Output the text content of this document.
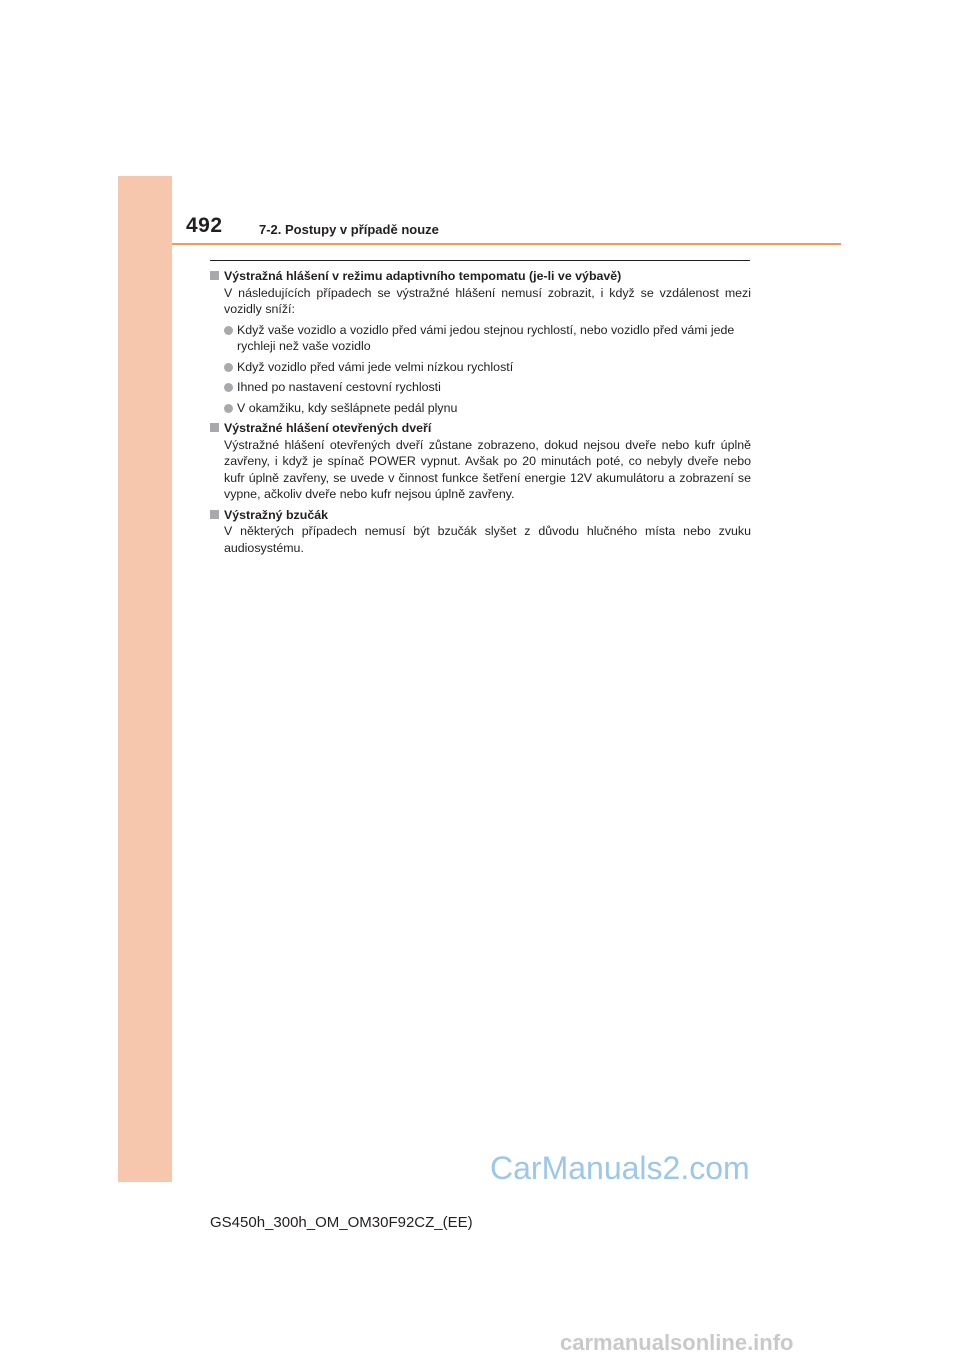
492	7-2. Postupy v případě nouze
Výstražná hlášení v režimu adaptivního tempomatu (je-li ve výbavě)
V následujících případech se výstražné hlášení nemusí zobrazit, i když se vzdálenost mezi vozidly sníží:
Když vaše vozidlo a vozidlo před vámi jedou stejnou rychlostí, nebo vozidlo před vámi jede rychleji než vaše vozidlo
Když vozidlo před vámi jede velmi nízkou rychlostí
Ihned po nastavení cestovní rychlosti
V okamžiku, kdy sešlápnete pedál plynu
Výstražné hlášení otevřených dveří
Výstražné hlášení otevřených dveří zůstane zobrazeno, dokud nejsou dveře nebo kufr úplně zavřeny, i když je spínač POWER vypnut. Avšak po 20 minutách poté, co nebyly dveře nebo kufr úplně zavřeny, se uvede v činnost funkce šetření energie 12V akumulátoru a zobrazení se vypne, ačkoliv dveře nebo kufr nejsou úplně zavřeny.
Výstražný bzučák
V některých případech nemusí být bzučák slyšet z důvodu hlučného místa nebo zvuku audiosystému.
CarManuals2.com
GS450h_300h_OM_OM30F92CZ_(EE)
carmanualsonline.info
